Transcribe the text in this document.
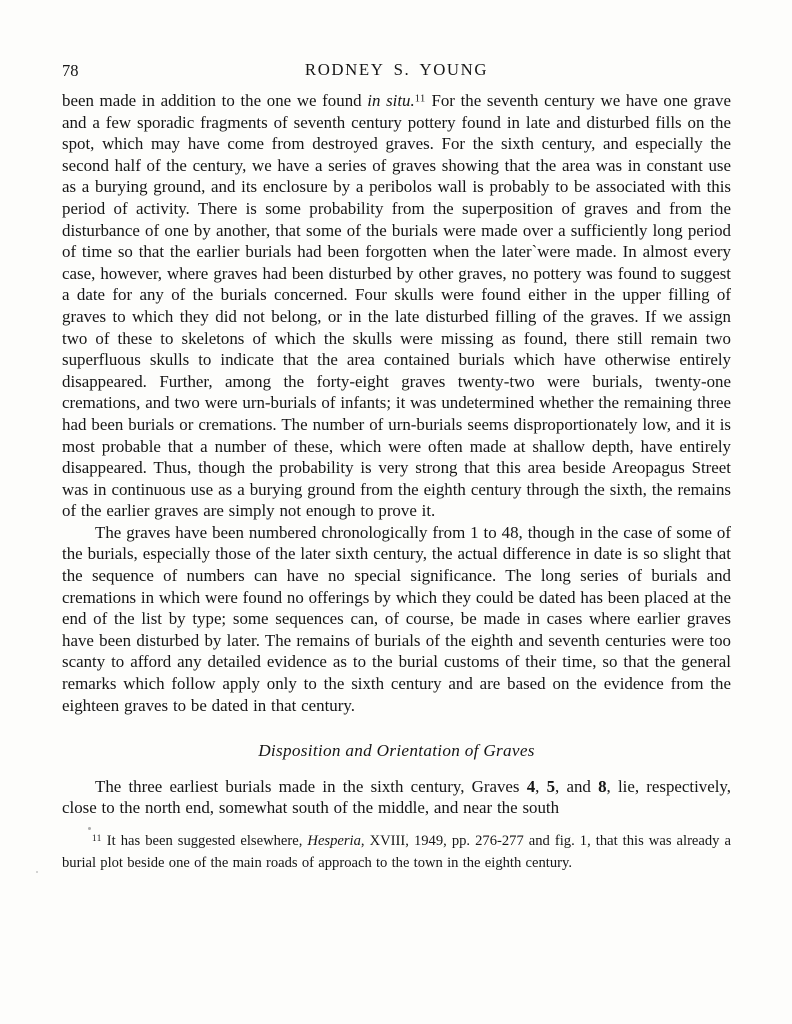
78	RODNEY S. YOUNG

been made in addition to the one we found in situ.$^{11}$ For the seventh century we have one grave and a few sporadic fragments of seventh century pottery found in late and disturbed fills on the spot, which may have come from destroyed graves. For the sixth century, and especially the second half of the century, we have a series of graves showing that the area was in constant use as a burying ground, and its enclosure by a peribolos wall is probably to be associated with this period of activity. There is some probability from the superposition of graves and from the disturbance of one by another, that some of the burials were made over a sufficiently long period of time so that the earlier burials had been forgotten when the later`were made. In almost every case, however, where graves had been disturbed by other graves, no pottery was found to suggest a date for any of the burials concerned. Four skulls were found either in the upper filling of graves to which they did not belong, or in the late disturbed filling of the graves. If we assign two of these to skeletons of which the skulls were missing as found, there still remain two superfluous skulls to indicate that the area contained burials which have otherwise entirely disappeared. Further, among the forty-eight graves twenty-two were burials, twenty-one cremations, and two were urn-burials of infants; it was undetermined whether the remaining three had been burials or cremations. The number of urn-burials seems disproportionately low, and it is most probable that a number of these, which were often made at shallow depth, have entirely disappeared. Thus, though the probability is very strong that this area beside Areopagus Street was in continuous use as a burying ground from the eighth century through the sixth, the remains of the earlier graves are simply not enough to prove it.

The graves have been numbered chronologically from 1 to 48, though in the case of some of the burials, especially those of the later sixth century, the actual difference in date is so slight that the sequence of numbers can have no special significance. The long series of burials and cremations in which were found no offerings by which they could be dated has been placed at the end of the list by type; some sequences can, of course, be made in cases where earlier graves have been disturbed by later. The remains of burials of the eighth and seventh centuries were too scanty to afford any detailed evidence as to the burial customs of their time, so that the general remarks which follow apply only to the sixth century and are based on the evidence from the eighteen graves to be dated in that century.

Disposition and Orientation of Graves

The three earliest burials made in the sixth century, Graves 4, 5, and 8, lie, respectively, close to the north end, somewhat south of the middle, and near the south

$^{11}$ It has been suggested elsewhere, Hesperia, XVIII, 1949, pp. 276-277 and fig. 1, that this was already a burial plot beside one of the main roads of approach to the town in the eighth century.
